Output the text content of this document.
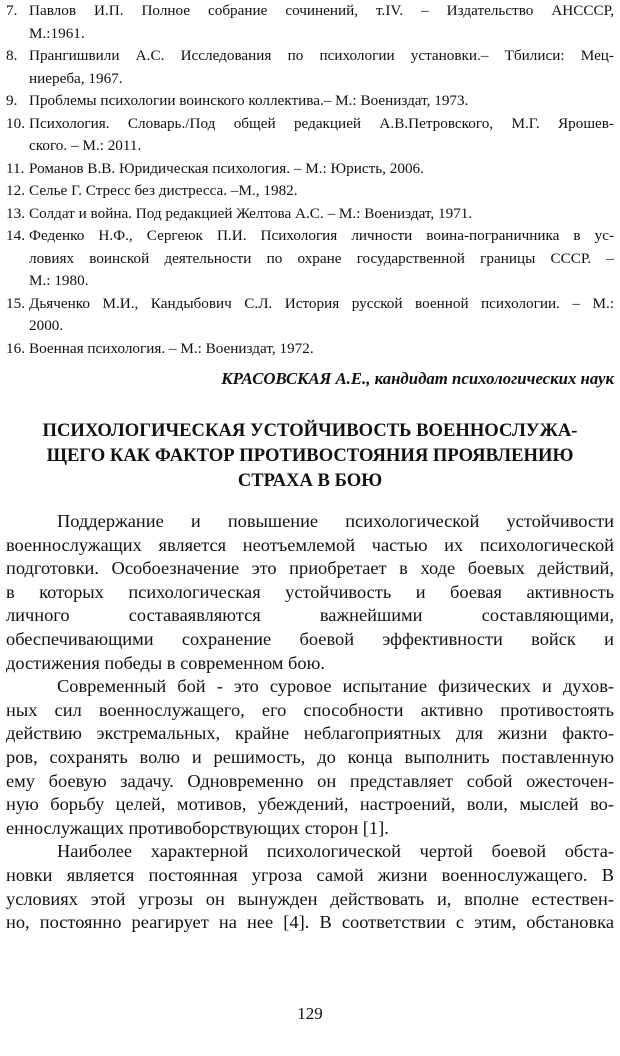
7. Павлов И.П. Полное собрание сочинений, т.IV. – Издательство АНСССР,
М.:1961.
8. Прангишвили А.С. Исследования по психологии установки.– Тбилиси: Мец-
ниереба, 1967.
9. Проблемы психологии воинского коллектива.– М.: Воениздат, 1973.
10. Психология. Словарь./Под общей редакцией А.В.Петровского, М.Г. Ярошев-
ского. – М.: 2011.
11. Романов В.В. Юридическая психология. – М.: Юристь, 2006.
12. Селье Г. Стресс без дистресса. –М., 1982.
13. Солдат и война. Под редакцией Желтова А.С. – М.: Воениздат, 1971.
14. Феденко Н.Ф., Сергеюк П.И. Психология личности воина-пограничника в ус-
ловиях воинской деятельности по охране государственной границы СССР. –
М.: 1980.
15. Дьяченко М.И., Кандыбович С.Л. История русской военной психологии. – М.:
2000.
16. Военная психология. – М.: Воениздат, 1972.
КРАСОВСКАЯ А.Е., кандидат психологических наук
ПСИХОЛОГИЧЕСКАЯ УСТОЙЧИВОСТЬ ВОЕННОСЛУЖА-
ЩЕГО КАК ФАКТОР ПРОТИВОСТОЯНИЯ ПРОЯВЛЕНИЮ
СТРАХА В БОЮ
Поддержание и повышение психологической устойчивости
военнослужащих является неотъемлемой частью их психологической
подготовки. Особоезначение это приобретает в ходе боевых действий,
в которых психологическая устойчивость и боевая активность
личного составаявляются важнейшими составляющими,
обеспечивающими сохранение боевой эффективности войск и
достижения победы в современном бою.
Современный бой - это суровое испытание физических и духов-
ных сил военнослужащего, его способности активно противостоять
действию экстремальных, крайне неблагоприятных для жизни факто-
ров, сохранять волю и решимость, до конца выполнить поставленную
ему боевую задачу. Одновременно он представляет собой ожесточен-
ную борьбу целей, мотивов, убеждений, настроений, воли, мыслей во-
еннослужащих противоборствующих сторон [1].
Наиболее характерной психологической чертой боевой обста-
новки является постоянная угроза самой жизни военнослужащего. В
условиях этой угрозы он вынужден действовать и, вполне естествен-
но, постоянно реагирует на нее [4]. В соответствии с этим, обстановка
129
